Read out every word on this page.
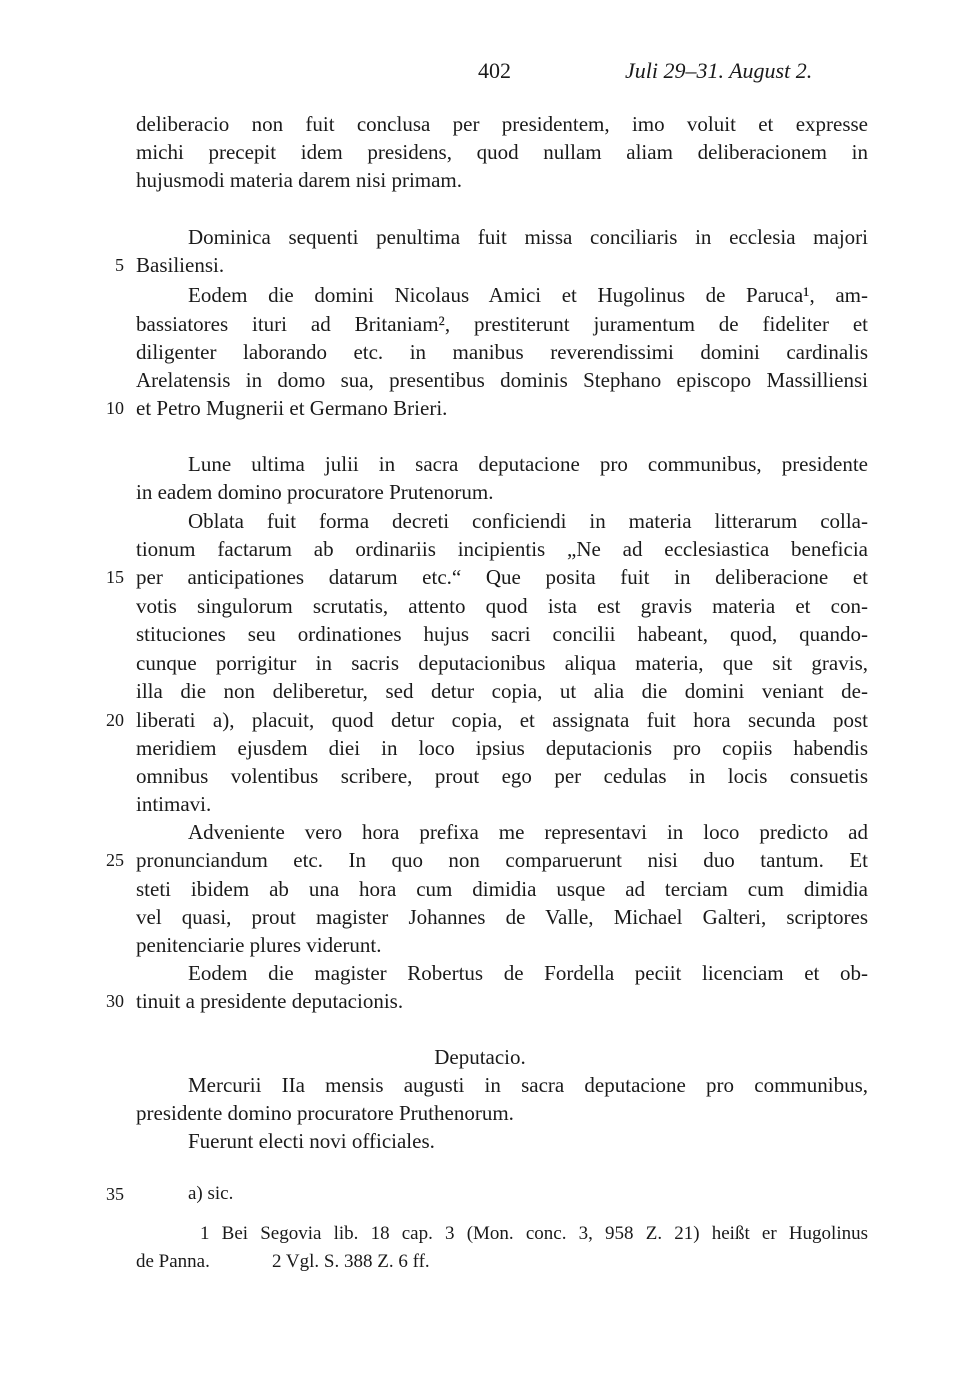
402	Juli 29–31. August 2.
deliberacio non fuit conclusa per presidentem, imo voluit et expresse
michi precepit idem presidens, quod nullam aliam deliberacionem in
hujusmodi materia darem nisi primam.
Dominica sequenti penultima fuit missa conciliaris in ecclesia majori
5 Basiliensi.
Eodem die domini Nicolaus Amici et Hugolinus de Paruca¹, am-
bassiatores ituri ad Britaniam², prestiterunt juramentum de fideliter et
diligenter laborando etc. in manibus reverendissimi domini cardinalis
Arelatensis in domo sua, presentibus dominis Stephano episcopo Massilliensi
10 et Petro Mugnerii et Germano Brieri.
Lune ultima julii in sacra deputacione pro communibus, presidente
in eadem domino procuratore Prutenorum.
Oblata fuit forma decreti conficiendi in materia litterarum colla-
tionum factarum ab ordinariis incipientis „Ne ad ecclesiastica beneficia
15 per anticipationes datarum etc.“ Que posita fuit in deliberacione et
votis singulorum scrutatis, attento quod ista est gravis materia et con-
stituciones seu ordinationes hujus sacri concilii habeant, quod, quando-
cunque porrigitur in sacris deputacionibus aliqua materia, que sit gravis,
illa die non deliberetur, sed detur copia, ut alia die domini veniant de-
20 liberati a), placuit, quod detur copia, et assignata fuit hora secunda post
meridiem ejusdem diei in loco ipsius deputacionis pro copiis habendis
omnibus volentibus scribere, prout ego per cedulas in locis consuetis
intimavi.
Adveniente vero hora prefixa me representavi in loco predicto ad
25 pronunciandum etc. In quo non comparuerunt nisi duo tantum. Et
steti ibidem ab una hora cum dimidia usque ad terciam cum dimidia
vel quasi, prout magister Johannes de Valle, Michael Galteri, scriptores
penitenciarie plures viderunt.
Eodem die magister Robertus de Fordella peciit licenciam et ob-
30 tinuit a presidente deputacionis.
Deputacio.
Mercurii IIa mensis augusti in sacra deputacione pro communibus,
presidente domino procuratore Pruthenorum.
Fuerunt electi novi officiales.
35	a) sic.
1 Bei Segovia lib. 18 cap. 3 (Mon. conc. 3, 958 Z. 21) heißt er Hugolinus
de Panna.	2 Vgl. S. 388 Z. 6 ff.
